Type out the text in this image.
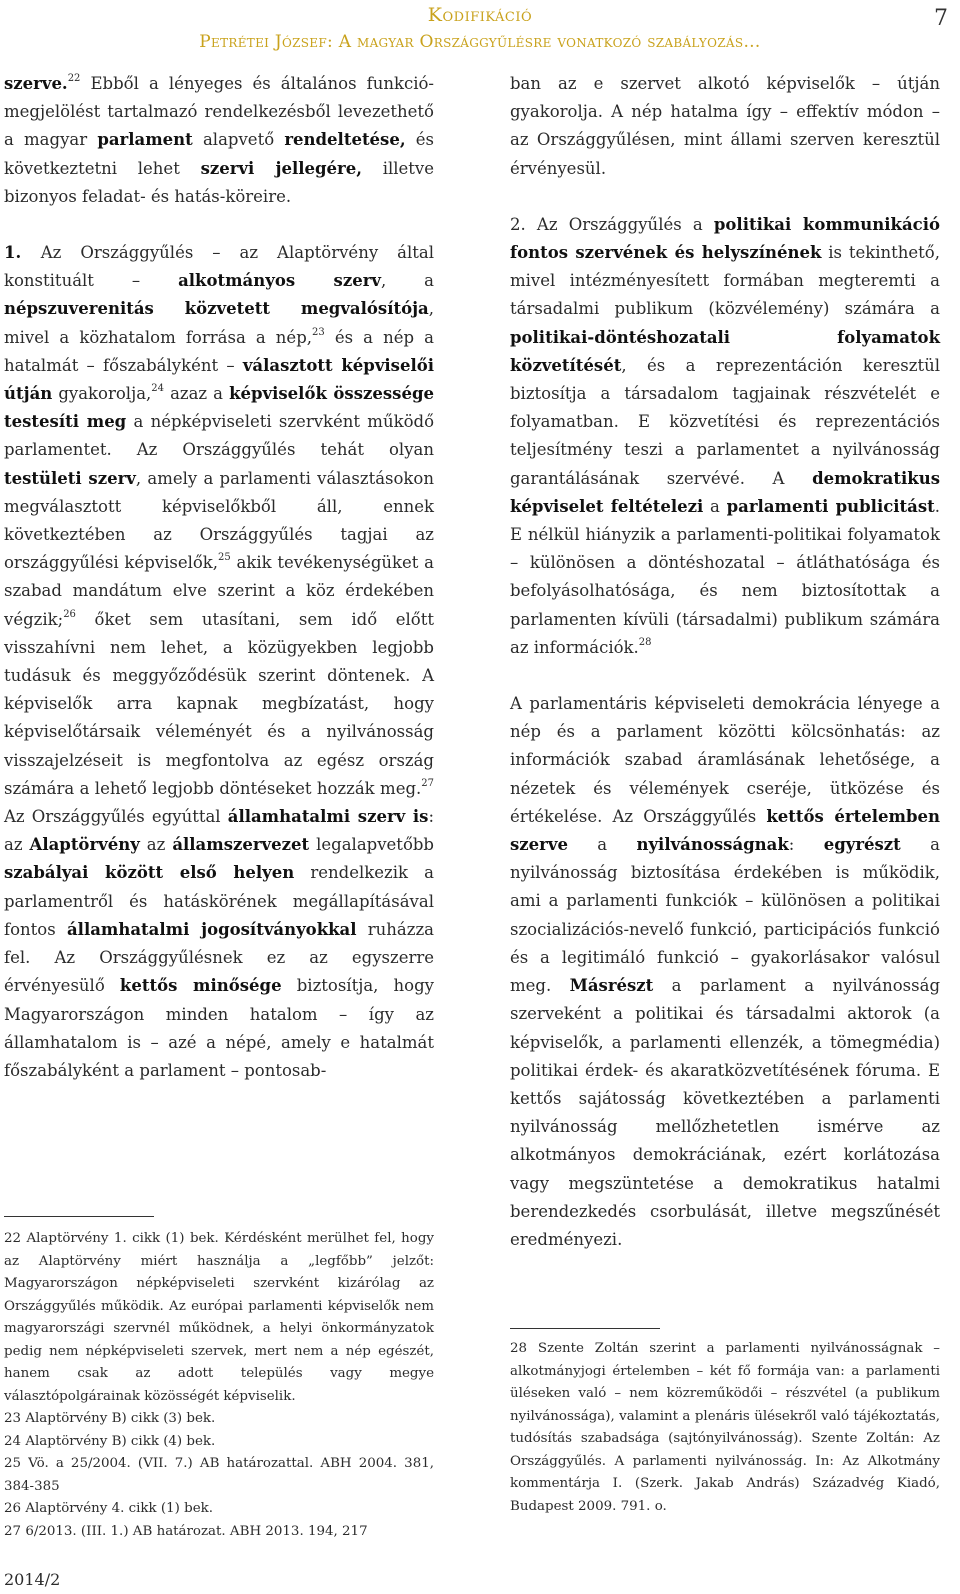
Kodifikáció
Petrétei József: A magyar Országgyűlésre vonatkozó szabályozás…
7

szerve.$^{22}$ Ebből a lényeges és általános funkció-megjelölést tartalmazó rendelkezésből levezethető a magyar parlament alapvető rendeltetése, és következtetni lehet szervi jellegére, illetve bizonyos feladat- és hatás-köreire.

1. Az Országgyűlés – az Alaptörvény által konstituált – alkotmányos szerv, a népszuverenitás közvetett megvalósítója, mivel a közhatalom forrása a nép,$^{23}$ és a nép a hatalmát – főszabályként – választott képviselői útján gyakorolja,$^{24}$ azaz a képviselők összessége testesíti meg a népképviseleti szervként működő parlamentet. Az Országgyűlés tehát olyan testületi szerv, amely a parlamenti választásokon megválasztott képviselőkből áll, ennek következtében az Országgyűlés tagjai az országgyűlési képviselők,$^{25}$ akik tevékenységüket a szabad mandátum elve szerint a köz érdekében végzik;$^{26}$ őket sem utasítani, sem idő előtt visszahívni nem lehet, a közügyekben legjobb tudásuk és meggyőződésük szerint döntenek. A képviselők arra kapnak megbízatást, hogy képviselőtársaik véleményét és a nyilvánosság visszajelzéseit is megfontolva az egész ország számára a lehető legjobb döntéseket hozzák meg.$^{27}$ Az Országgyűlés egyúttal államhatalmi szerv is: az Alaptörvény az államszervezet legalapvetőbb szabályai között első helyen rendelkezik a parlamentről és hatáskörének megállapításával fontos államhatalmi jogosítványokkal ruházza fel. Az Országgyűlésnek ez az egyszerre érvényesülő kettős minősége biztosítja, hogy Magyarországon minden hatalom – így az államhatalom is – azé a népé, amely e hatalmát főszabályként a parlament – pontosab-

22 Alaptörvény 1. cikk (1) bek. Kérdésként merülhet fel, hogy az Alaptörvény miért használja a „legfőbb” jelzőt: Magyarországon népképviseleti szervként kizárólag az Országgyűlés működik. Az európai parlamenti képviselők nem magyarországi szervnél működnek, a helyi önkormányzatok pedig nem népképviseleti szervek, mert nem a nép egészét, hanem csak az adott település vagy megye választópolgárainak közösségét képviselik.

23 Alaptörvény B) cikk (3) bek.

24 Alaptörvény B) cikk (4) bek.

25 Vö. a 25/2004. (VII. 7.) AB határozattal. ABH 2004. 381, 384-385

26 Alaptörvény 4. cikk (1) bek.

27 6/2013. (III. 1.) AB határozat. ABH 2013. 194, 217

ban az e szervet alkotó képviselők – útján gyakorolja. A nép hatalma így – effektív módon – az Országgyűlésen, mint állami szerven keresztül érvényesül.

2. Az Országgyűlés a politikai kommunikáció fontos szervének és helyszínének is tekinthető, mivel intézményesített formában megteremti a társadalmi publikum (közvélemény) számára a politikai-döntéshozatali folyamatok közvetítését, és a reprezentáción keresztül biztosítja a társadalom tagjainak részvételét e folyamatban. E közvetítési és reprezentációs teljesítmény teszi a parlamentet a nyilvánosság garantálásának szervévé. A demokratikus képviselet feltételezi a parlamenti publicitást. E nélkül hiányzik a parlamenti-politikai folyamatok – különösen a döntéshozatal – átláthatósága és befolyásolhatósága, és nem biztosítottak a parlamenten kívüli (társadalmi) publikum számára az információk.$^{28}$

A parlamentáris képviseleti demokrácia lényege a nép és a parlament közötti kölcsönhatás: az információk szabad áramlásának lehetősége, a nézetek és vélemények cseréje, ütközése és értékelése. Az Országgyűlés kettős értelemben szerve a nyilvánosságnak: egyrészt a nyilvánosság biztosítása érdekében is működik, ami a parlamenti funkciók – különösen a politikai szocializációs-nevelő funkció, participációs funkció és a legitimáló funkció – gyakorlásakor valósul meg. Másrészt a parlament a nyilvánosság szerveként a politikai és társadalmi aktorok (a képviselők, a parlamenti ellenzék, a tömegmédia) politikai érdek- és akaratközvetítésének fóruma. E kettős sajátosság következtében a parlamenti nyilvánosság mellőzhetetlen ismérve az alkotmányos demokráciának, ezért korlátozása vagy megszüntetése a demokratikus hatalmi berendezkedés csorbulását, illetve megszűnését eredményezi.

28 Szente Zoltán szerint a parlamenti nyilvánosságnak – alkotmányjogi értelemben – két fő formája van: a parlamenti üléseken való – nem közreműködői – részvétel (a publikum nyilvánossága), valamint a plenáris ülésekről való tájékoztatás, tudósítás szabadsága (sajtónyilvánosság). Szente Zoltán: Az Országgyűlés. A parlamenti nyilvánosság. In: Az Alkotmány kommentárja I. (Szerk. Jakab András) Századvég Kiadó, Budapest 2009. 791. o.

2014/2
